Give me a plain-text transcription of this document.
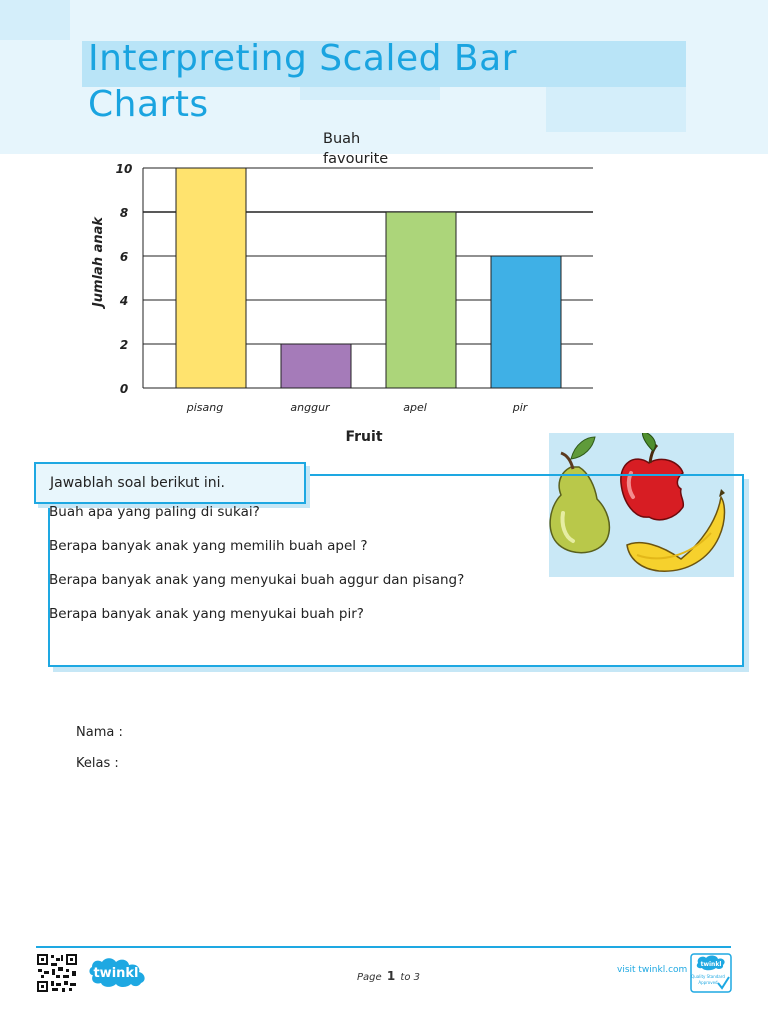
Interpreting Scaled Bar Charts
0
2
4
6
8
10
pisang	anggur	apel	pir
Buah favourite
Fruit
Jumlah anak
Jawablah soal berikut ini.
Buah apa yang paling di sukai?
Berapa banyak anak yang memilih buah apel ?
Berapa banyak anak yang menyukai buah aggur dan pisang?
Berapa banyak anak yang menyukai buah pir?
Nama :
Kelas :
twinkl	Page 1 to 3
visit twinkl.com
twinkl
Quality Standard
Approved
